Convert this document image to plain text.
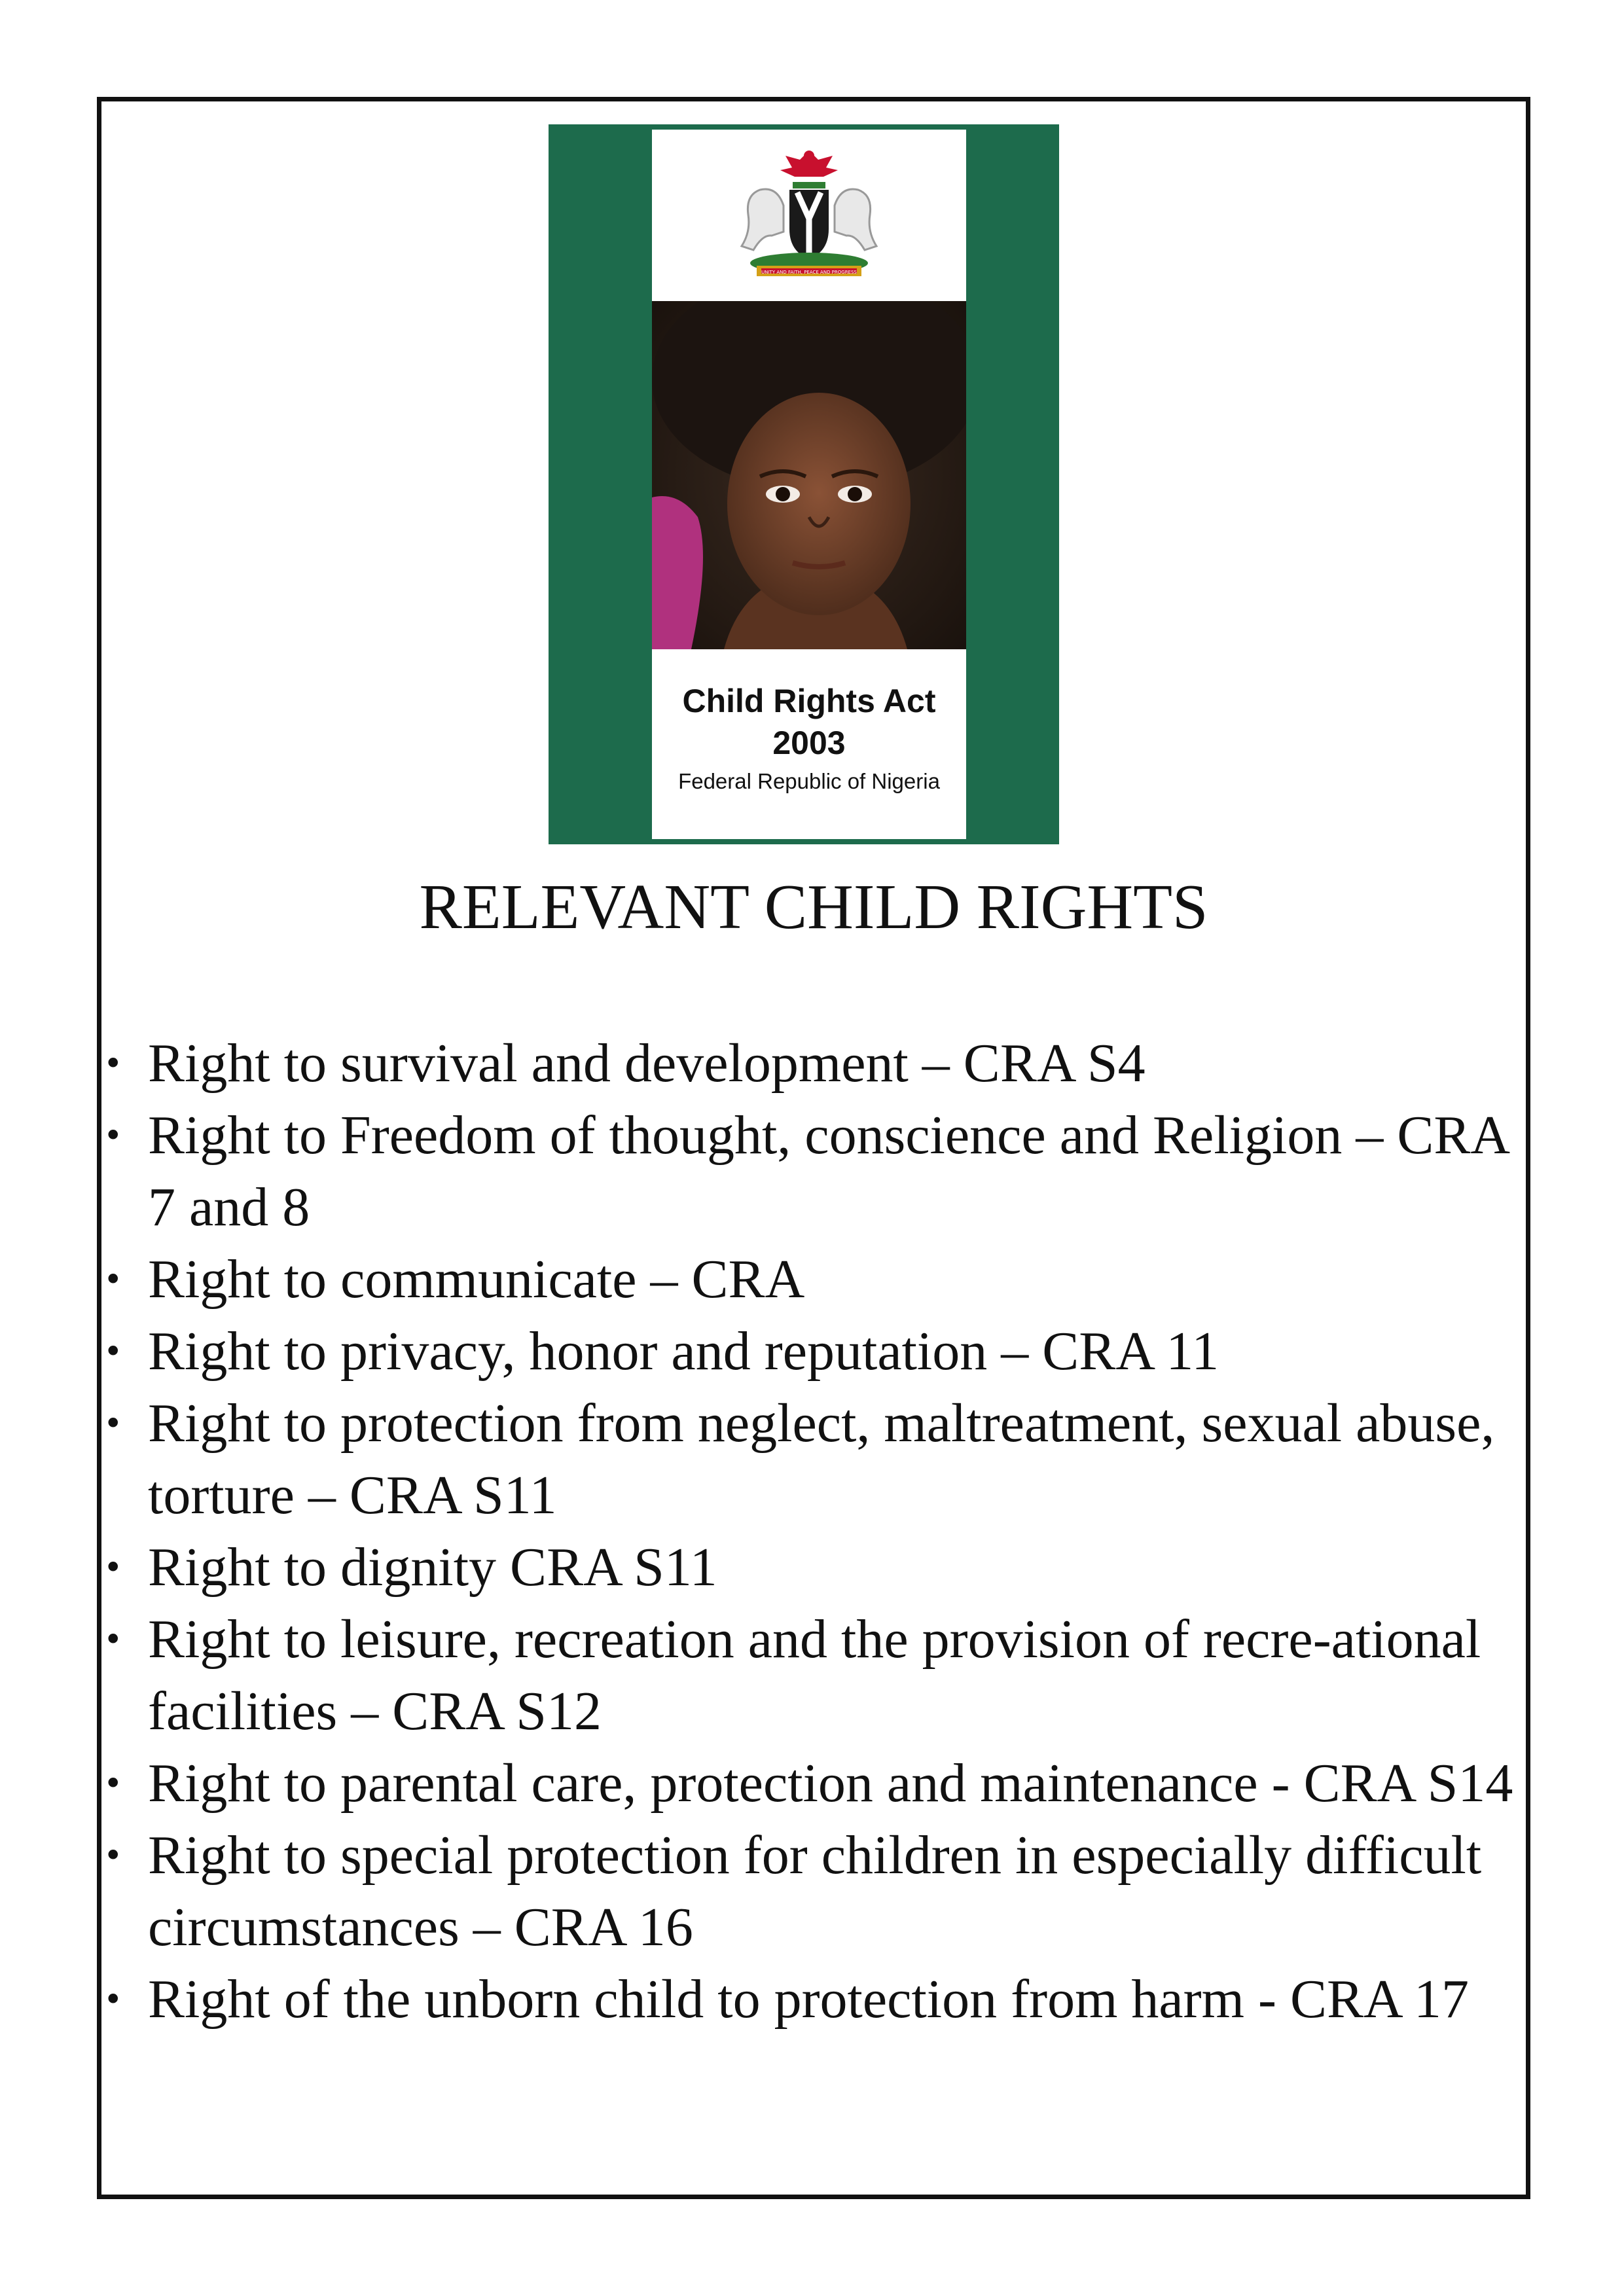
UNITY AND FAITH, PEACE AND PROGRESS
Child Rights Act
2003
Federal Republic of Nigeria
RELEVANT CHILD RIGHTS
• Right to survival and development – CRA S4
• Right to Freedom of thought, conscience and Religion – CRA 7 and 8
• Right to communicate – CRA
• Right to privacy, honor and reputation – CRA 11
• Right to protection from neglect, maltreatment, sexual abuse, torture – CRA S11
• Right to dignity CRA S11
• Right to leisure, recreation and the provision of recre-ational facilities – CRA S12
• Right to parental care, protection and maintenance - CRA S14
• Right to special protection for children in especially difficult circumstances – CRA 16
• Right of the unborn child to protection from harm - CRA 17
